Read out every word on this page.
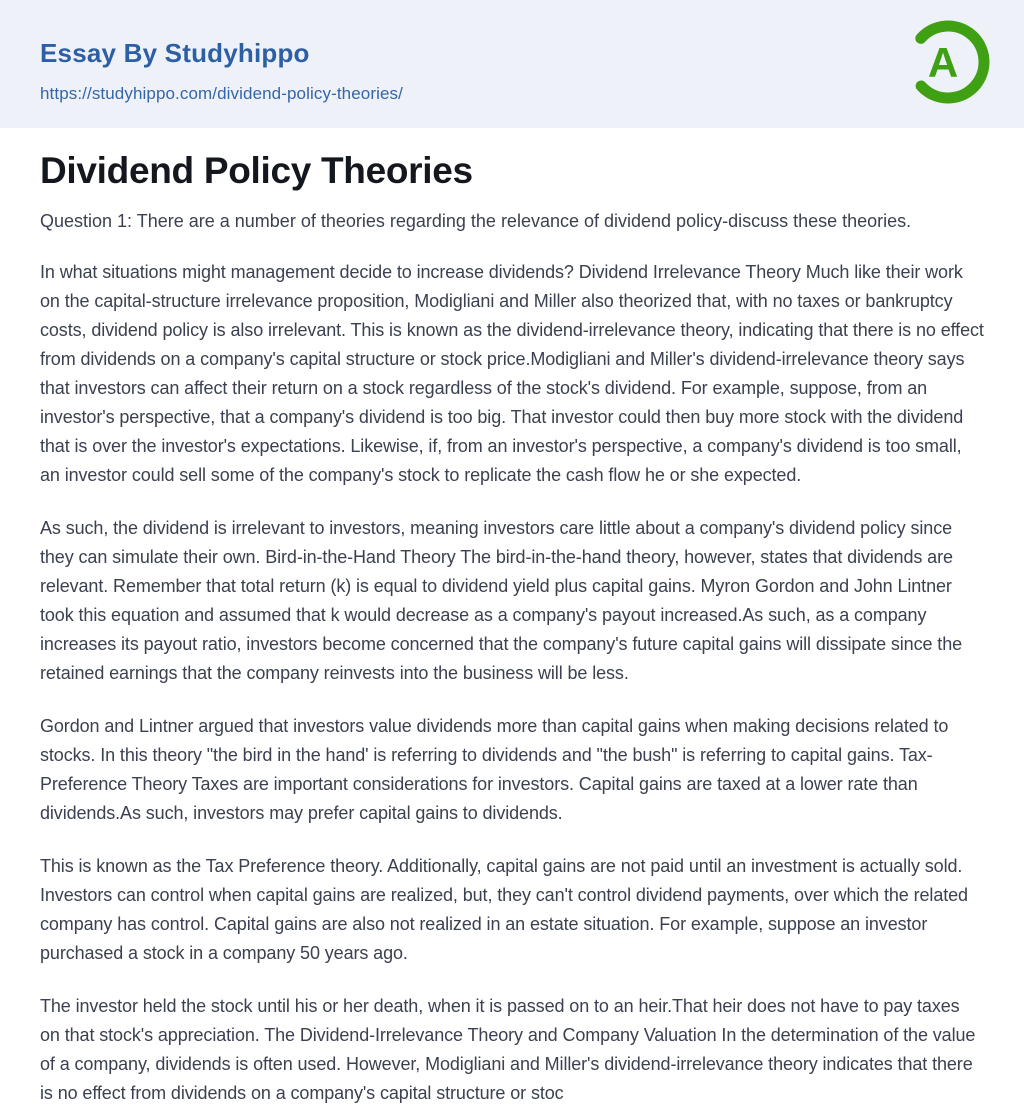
Essay By Studyhippo
https://studyhippo.com/dividend-policy-theories/
A
Dividend Policy Theories

Question 1: There are a number of theories regarding the relevance of dividend policy-discuss these theories.

In what situations might management decide to increase dividends? Dividend Irrelevance Theory Much like their work on the capital-structure irrelevance proposition, Modigliani and Miller also theorized that, with no taxes or bankruptcy costs, dividend policy is also irrelevant. This is known as the dividend-irrelevance theory, indicating that there is no effect from dividends on a company's capital structure or stock price.Modigliani and Miller's dividend-irrelevance theory says that investors can affect their return on a stock regardless of the stock's dividend. For example, suppose, from an investor's perspective, that a company's dividend is too big. That investor could then buy more stock with the dividend that is over the investor's expectations. Likewise, if, from an investor's perspective, a company's dividend is too small, an investor could sell some of the company's stock to replicate the cash flow he or she expected.

As such, the dividend is irrelevant to investors, meaning investors care little about a company's dividend policy since they can simulate their own. Bird-in-the-Hand Theory The bird-in-the-hand theory, however, states that dividends are relevant. Remember that total return (k) is equal to dividend yield plus capital gains. Myron Gordon and John Lintner took this equation and assumed that k would decrease as a company's payout increased.As such, as a company increases its payout ratio, investors become concerned that the company's future capital gains will dissipate since the retained earnings that the company reinvests into the business will be less.

Gordon and Lintner argued that investors value dividends more than capital gains when making decisions related to stocks. In this theory "the bird in the hand' is referring to dividends and "the bush" is referring to capital gains. Tax-Preference Theory Taxes are important considerations for investors. Capital gains are taxed at a lower rate than dividends.As such, investors may prefer capital gains to dividends.

This is known as the Tax Preference theory. Additionally, capital gains are not paid until an investment is actually sold. Investors can control when capital gains are realized, but, they can't control dividend payments, over which the related company has control. Capital gains are also not realized in an estate situation. For example, suppose an investor purchased a stock in a company 50 years ago.

The investor held the stock until his or her death, when it is passed on to an heir.That heir does not have to pay taxes on that stock's appreciation. The Dividend-Irrelevance Theory and Company Valuation In the determination of the value of a company, dividends is often used. However, Modigliani and Miller's dividend-irrelevance theory indicates that there is no effect from dividends on a company's capital structure or stoc
